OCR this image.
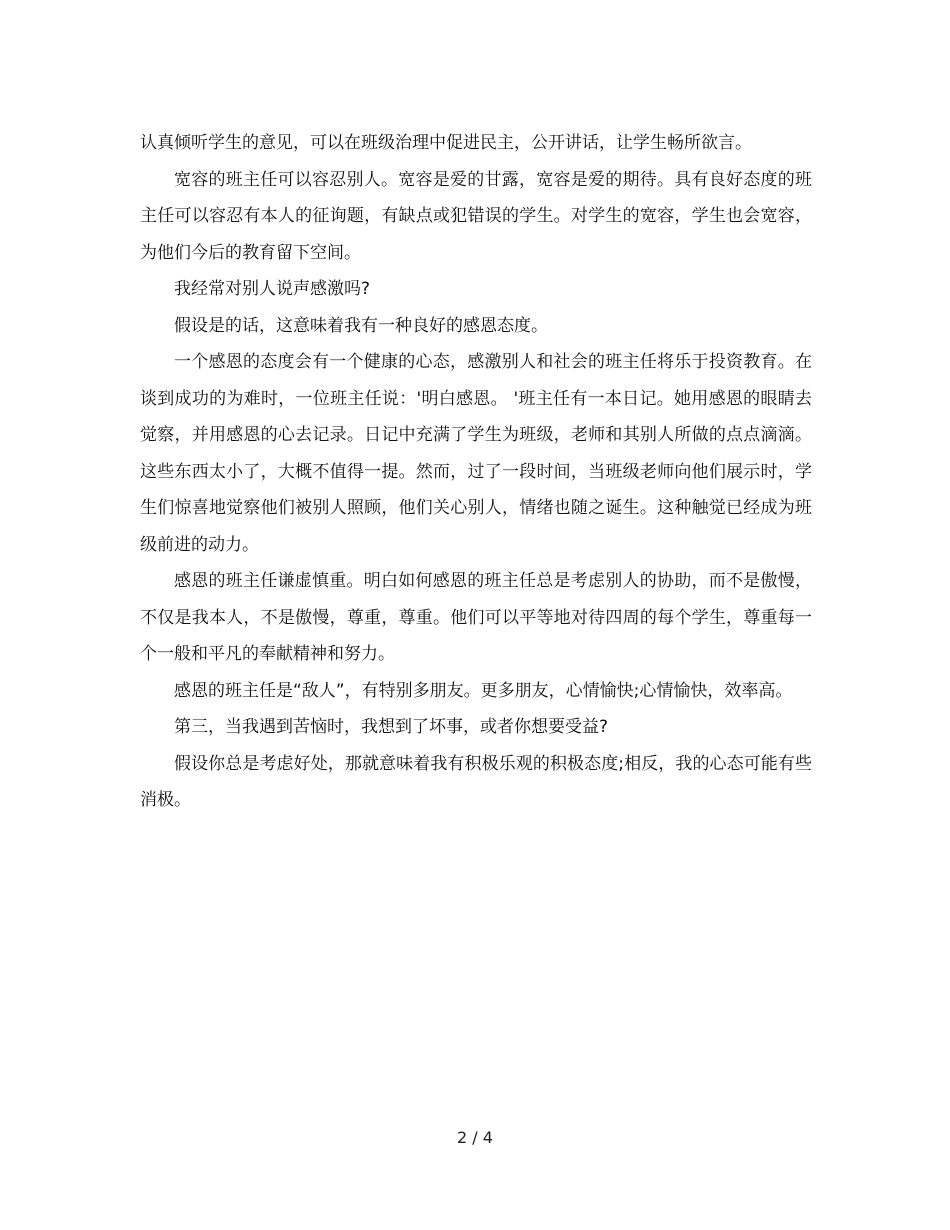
认真倾听学生的意见，可以在班级治理中促进民主，公开讲话，让学生畅所欲言。

宽容的班主任可以容忍别人。宽容是爱的甘露，宽容是爱的期待。具有良好态度的班主任可以容忍有本人的征询题，有缺点或犯错误的学生。对学生的宽容，学生也会宽容，为他们今后的教育留下空间。

我经常对别人说声感激吗?

假设是的话，这意味着我有一种良好的感恩态度。

一个感恩的态度会有一个健康的心态，感激别人和社会的班主任将乐于投资教育。在谈到成功的为难时，一位班主任说：'明白感恩。 '班主任有一本日记。她用感恩的眼睛去觉察，并用感恩的心去记录。日记中充满了学生为班级，老师和其别人所做的点点滴滴。这些东西太小了，大概不值得一提。然而，过了一段时间，当班级老师向他们展示时，学生们惊喜地觉察他们被别人照顾，他们关心别人，情绪也随之诞生。这种触觉已经成为班级前进的动力。

感恩的班主任谦虚慎重。明白如何感恩的班主任总是考虑别人的协助，而不是傲慢，不仅是我本人，不是傲慢，尊重，尊重。他们可以平等地对待四周的每个学生，尊重每一个一般和平凡的奉献精神和努力。

感恩的班主任是“敌人”，有特别多朋友。更多朋友，心情愉快;心情愉快，效率高。

第三，当我遇到苦恼时，我想到了坏事，或者你想要受益?

假设你总是考虑好处，那就意味着我有积极乐观的积极态度;相反，我的心态可能有些消极。

2 / 4
